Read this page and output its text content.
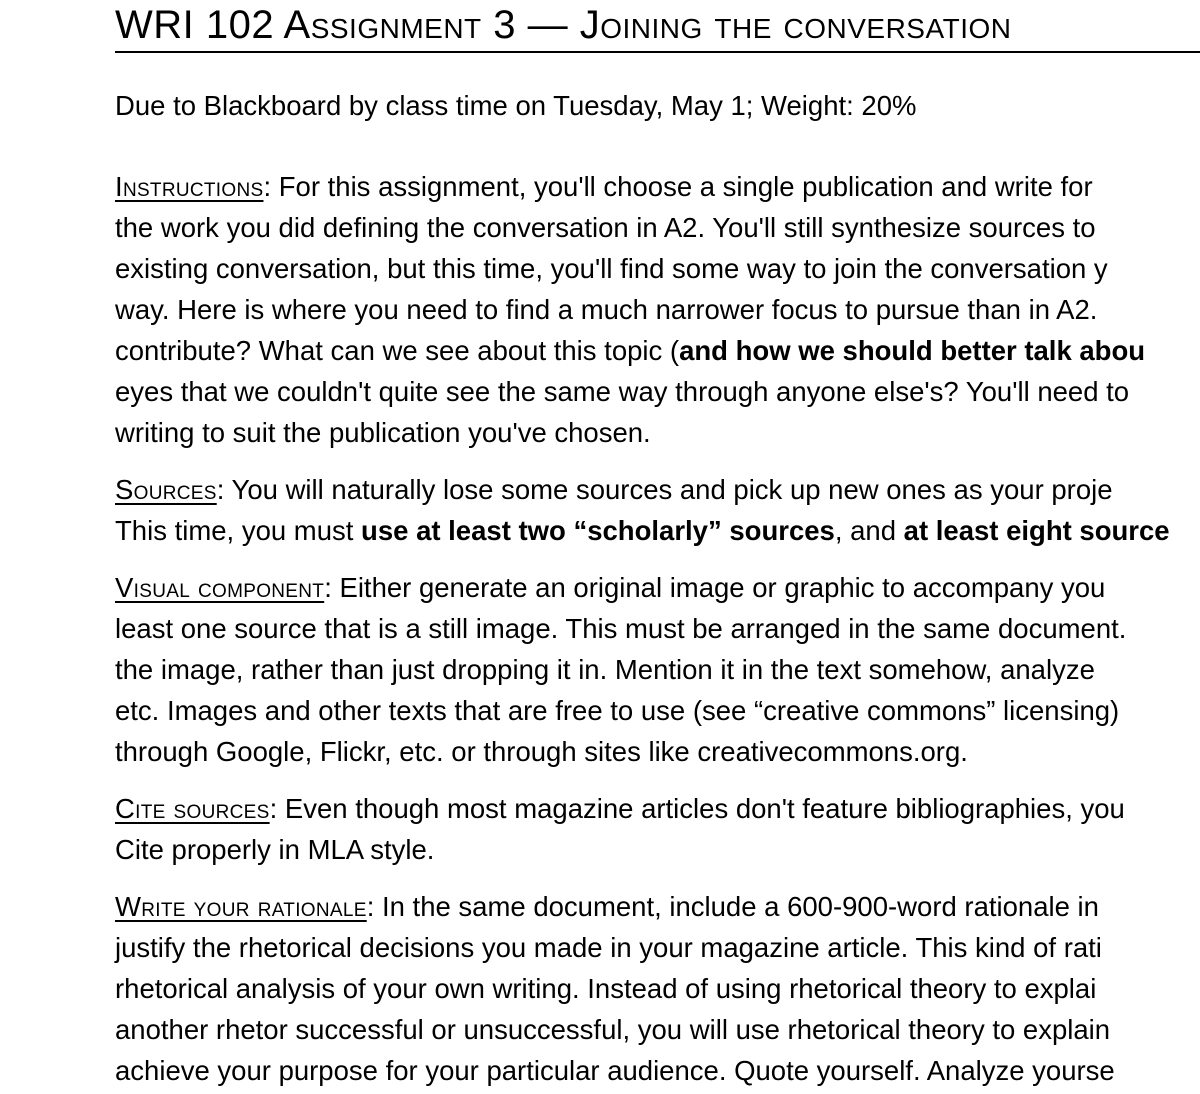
WRI 102 Assignment 3 — Joining the conversation
Due to Blackboard by class time on Tuesday, May 1; Weight: 20%
Instructions: For this assignment, you'll choose a single publication and write for
the work you did defining the conversation in A2. You'll still synthesize sources to
existing conversation, but this time, you'll find some way to join the conversation y
way. Here is where you need to find a much narrower focus to pursue than in A2.
contribute? What can we see about this topic (and how we should better talk abou
eyes that we couldn't quite see the same way through anyone else's? You'll need to
writing to suit the publication you've chosen.
Sources: You will naturally lose some sources and pick up new ones as your proje
This time, you must use at least two “scholarly” sources, and at least eight source
Visual component: Either generate an original image or graphic to accompany you
least one source that is a still image. This must be arranged in the same document.
the image, rather than just dropping it in. Mention it in the text somehow, analyze
etc. Images and other texts that are free to use (see “creative commons” licensing)
through Google, Flickr, etc. or through sites like creativecommons.org.
Cite sources: Even though most magazine articles don't feature bibliographies, you
Cite properly in MLA style.
Write your rationale: In the same document, include a 600-900-word rationale in
justify the rhetorical decisions you made in your magazine article. This kind of rati
rhetorical analysis of your own writing. Instead of using rhetorical theory to explai
another rhetor successful or unsuccessful, you will use rhetorical theory to explain
achieve your purpose for your particular audience. Quote yourself. Analyze yourse
